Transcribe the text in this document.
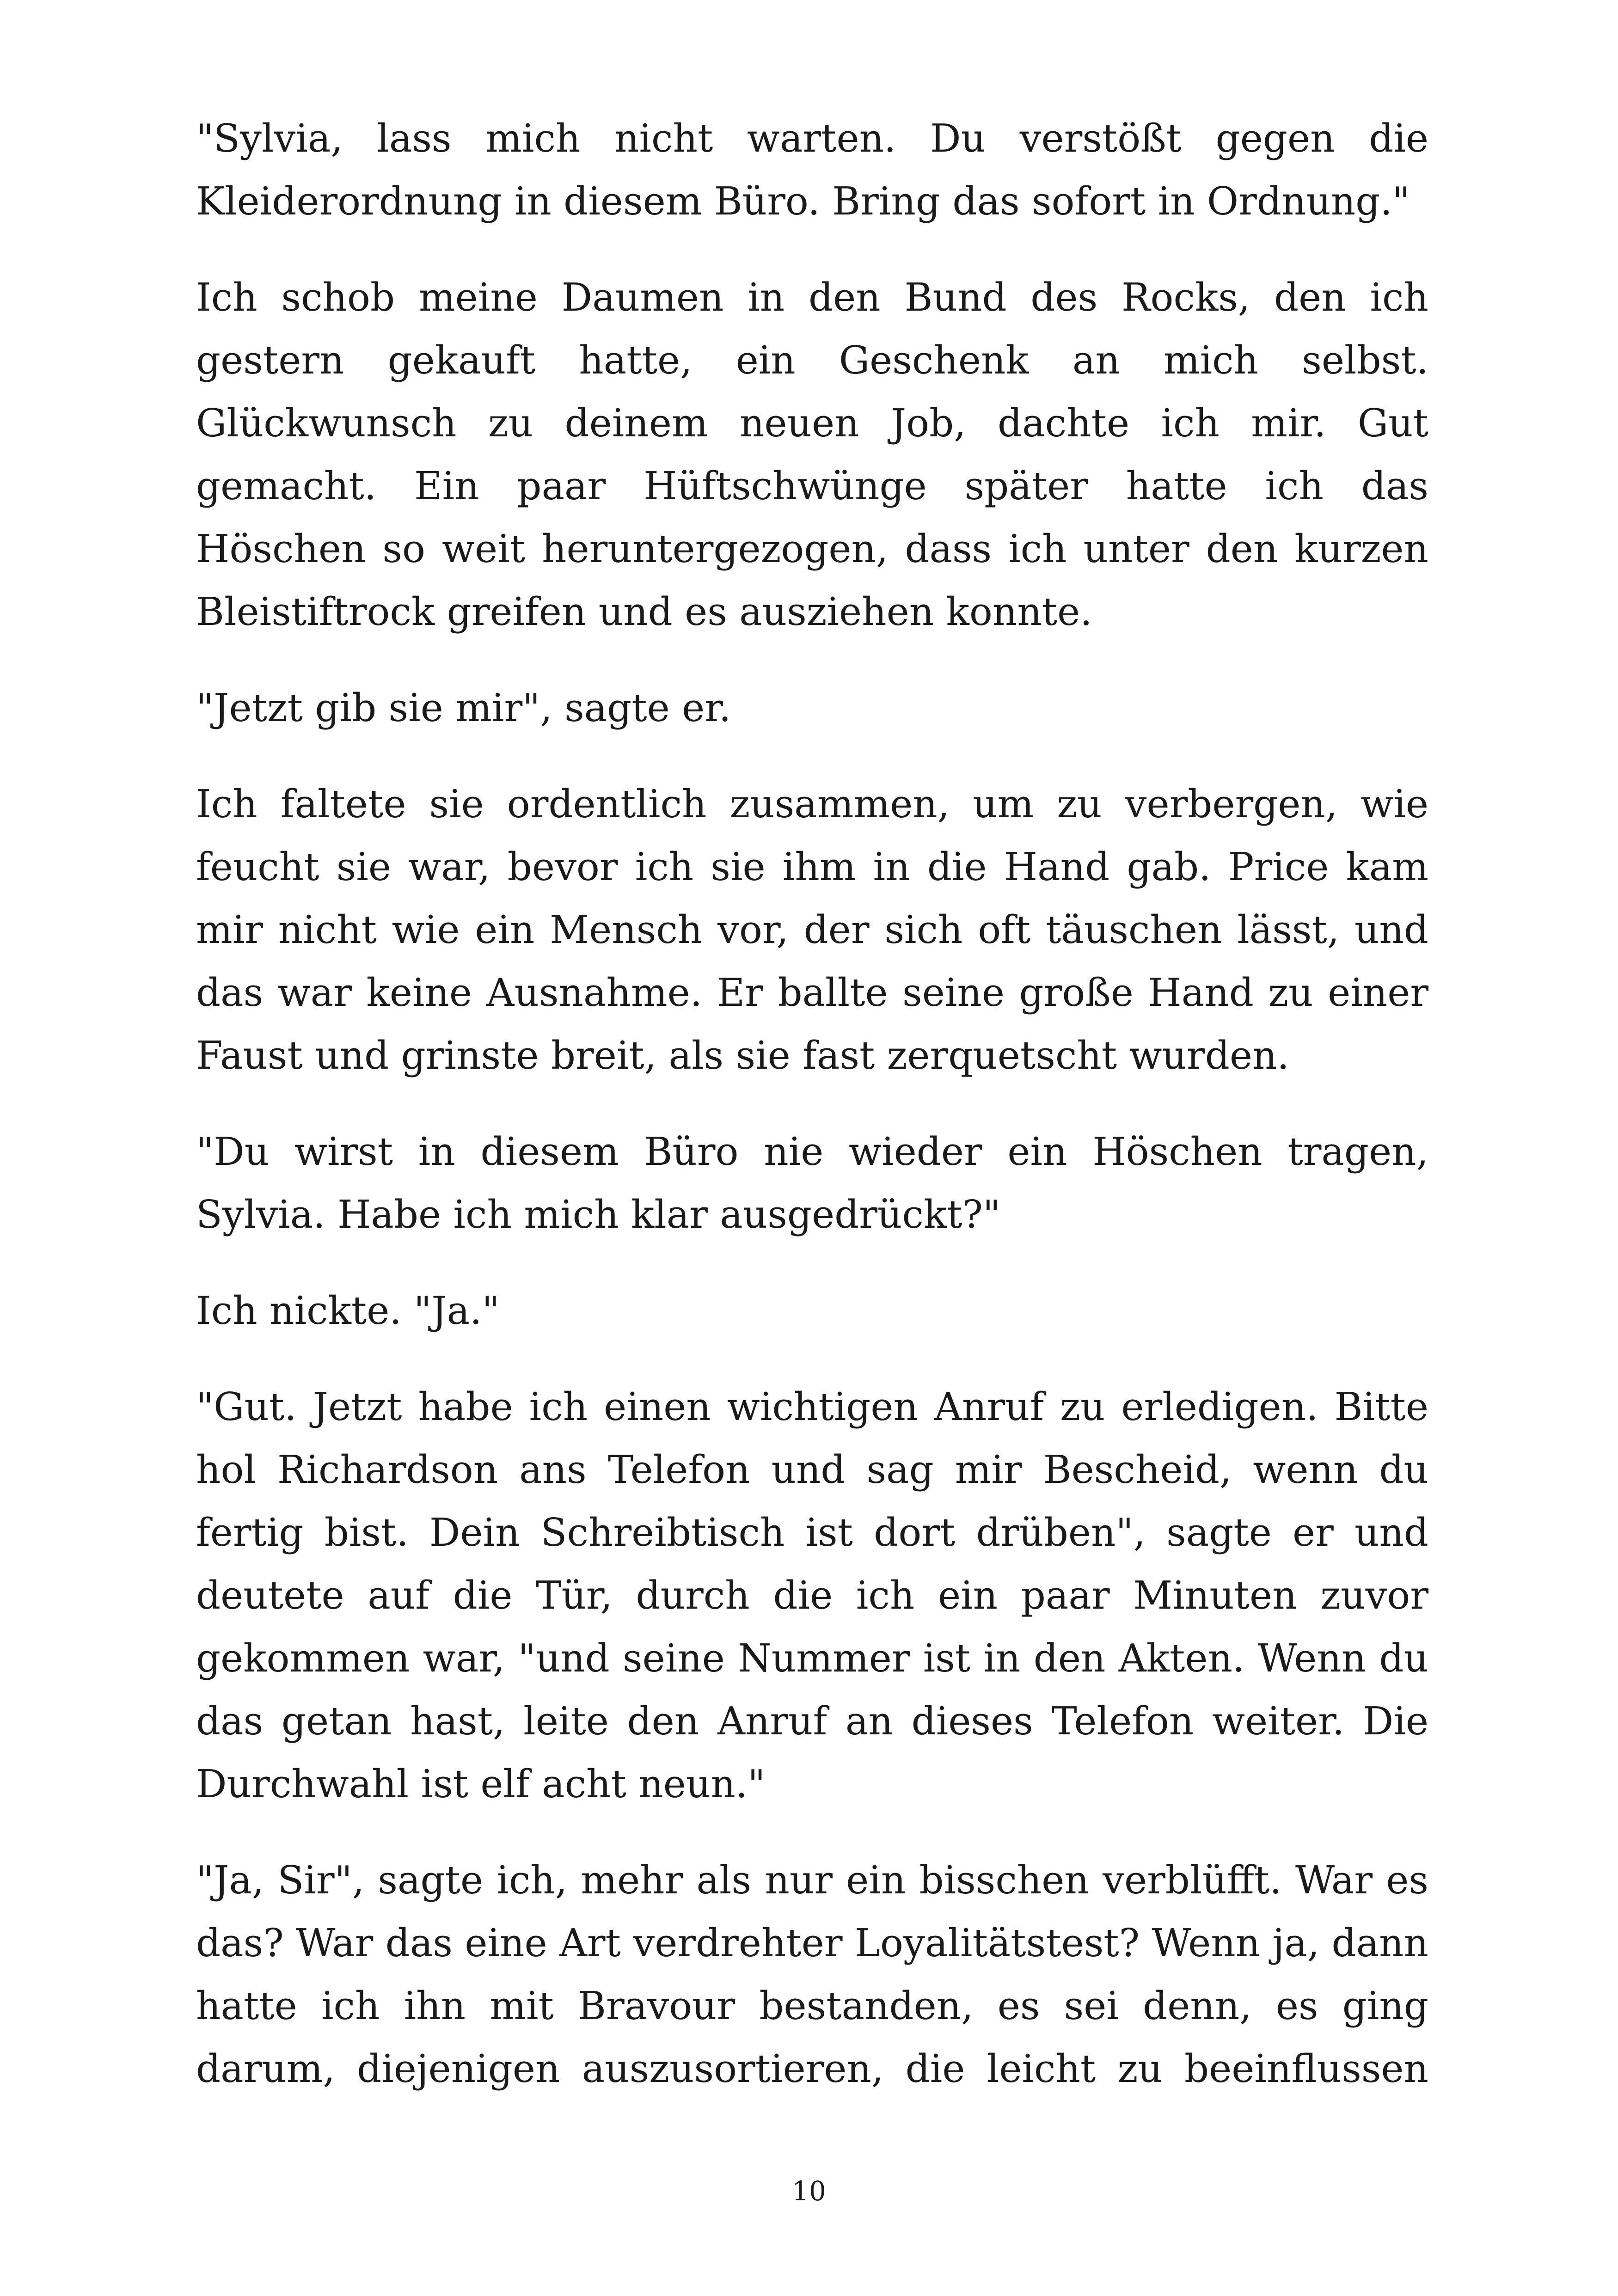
"Sylvia, lass mich nicht warten. Du verstößt gegen die Kleiderordnung in diesem Büro. Bring das sofort in Ordnung."

Ich schob meine Daumen in den Bund des Rocks, den ich gestern gekauft hatte, ein Geschenk an mich selbst. Glückwunsch zu deinem neuen Job, dachte ich mir. Gut gemacht. Ein paar Hüftschwünge später hatte ich das Höschen so weit heruntergezogen, dass ich unter den kurzen Bleistiftrock greifen und es ausziehen konnte.

"Jetzt gib sie mir", sagte er.

Ich faltete sie ordentlich zusammen, um zu verbergen, wie feucht sie war, bevor ich sie ihm in die Hand gab. Price kam mir nicht wie ein Mensch vor, der sich oft täuschen lässt, und das war keine Ausnahme. Er ballte seine große Hand zu einer Faust und grinste breit, als sie fast zerquetscht wurden.

"Du wirst in diesem Büro nie wieder ein Höschen tragen, Sylvia. Habe ich mich klar ausgedrückt?"

Ich nickte. "Ja."

"Gut. Jetzt habe ich einen wichtigen Anruf zu erledigen. Bitte hol Richardson ans Telefon und sag mir Bescheid, wenn du fertig bist. Dein Schreibtisch ist dort drüben", sagte er und deutete auf die Tür, durch die ich ein paar Minuten zuvor gekommen war, "und seine Nummer ist in den Akten. Wenn du das getan hast, leite den Anruf an dieses Telefon weiter. Die Durchwahl ist elf acht neun."

"Ja, Sir", sagte ich, mehr als nur ein bisschen verblüfft. War es das? War das eine Art verdrehter Loyalitätstest? Wenn ja, dann hatte ich ihn mit Bravour bestanden, es sei denn, es ging darum, diejenigen auszusortieren, die leicht zu beeinflussen

10
